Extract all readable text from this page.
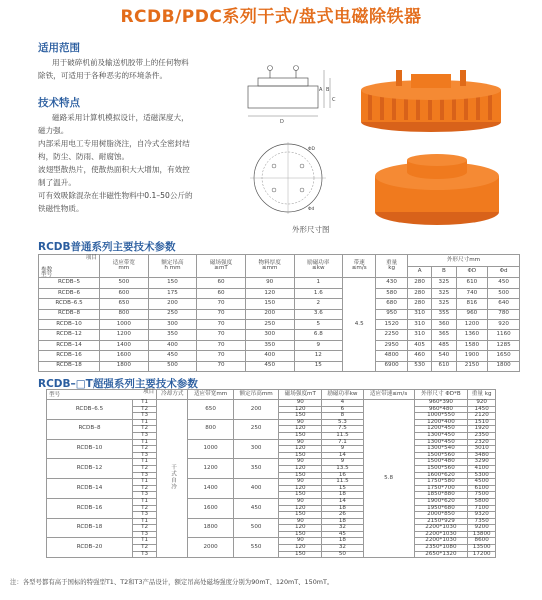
RCDB/PDC系列干式/盘式电磁除铁器
适用范围

用于破碎机前及输送机胶带上的任何物料

除铁，可适用于各种恶劣的环境条件。

技术特点

磁路采用计算机模拟设计，适磁深度大，

磁力强。

内部采用电工专用树脂浇注，自冷式全密封结

构，防尘、防雨、耐腐蚀。

波翅型散热片，使散热面积大大增加，有效控

制了温升。

可有效吸除混杂在非磁性物料中0.1–50公斤的

铁磁性物质。

D
A B
C
ΦD
Φd
外形尺寸图
RCDB普通系列主要技术参数

项目

参数

型号	适应带宽
mm	额定吊高
h mm	磁场强度
≥mT	物料厚度
≤mm	励磁功率
≤kw	带速
≤m/s	重量
kg	外形尺寸mm			
								A	B	ΦD	Φd
RCDB–5	500	150	60	90	1	4.5	430	280	325	610	450
RCDB–6	600	175	60	120	1.6		580	280	325	740	500
RCDB–6.5	650	200	70	150	2		680	280	325	816	640
RCDB–8	800	250	70	200	3.6		950	310	355	960	780
RCDB–10	1000	300	70	250	5		1520	310	360	1200	920
RCDB–12	1200	350	70	300	6.8		2250	310	365	1360	1160
RCDB–14	1400	400	70	350	9		2950	405	485	1580	1285
RCDB–16	1600	450	70	400	12		4800	460	540	1900	1650
RCDB–18	1800	500	70	450	15		6900	530	610	2150	1800
RCDB–□T超强系列主要技术参数
项目
型号		冷却方式	适应带宽mm	额定吊高mm	磁场强度mT	励磁功率kw	适应带速≤m/s	外形尺寸 ΦD*B	重量 kg
RCDB–6.5	T1	干式自冷	650	200	90	4	5.8	960*390	920
	T2				120	6		960*480	1450
	T3				150	8		1000*550	2120
RCDB–8	T1		800	250	90	5.3		1200*400	1510
	T2				120	7.5		1200*450	1920
	T3				150	11.5		1300*450	2350
RCDB–10	T1		1000	300	90	7.1		1300*450	2320
	T2				120	9		1300*540	3010
	T3				150	14		1500*560	3480
RCDB–12	T1		1200	350	90	9		1500*480	3290
	T2				120	13.5		1500*560	4100
	T3				150	16		1600*620	5300
RCDB–14	T1		1400	400	90	11.5		1750*580	4500
	T2				120	15		1750*700	6100
	T3				150	18		1850*880	7500
RCDB–16	T1		1600	450	90	14		1900*620	5800
	T2				120	18		1950*680	7100
	T3				150	26		2000*850	9320
RCDB–18	T1		1800	500	90	18		2150*929	7350
	T2				120	32		2200*1030	9200
	T3				150	45		2200*1030	13800
RCDB–20	T1		2000	550	90	18		2200*1030	8600
	T2				120	32		2350*1080	13500
	T3				150	50		2650*1320	17200
注：各型号都有高于国标的特强型T1、T2和T3产品设计，额定吊高处磁场强度分别为90mT、120mT、150mT。
